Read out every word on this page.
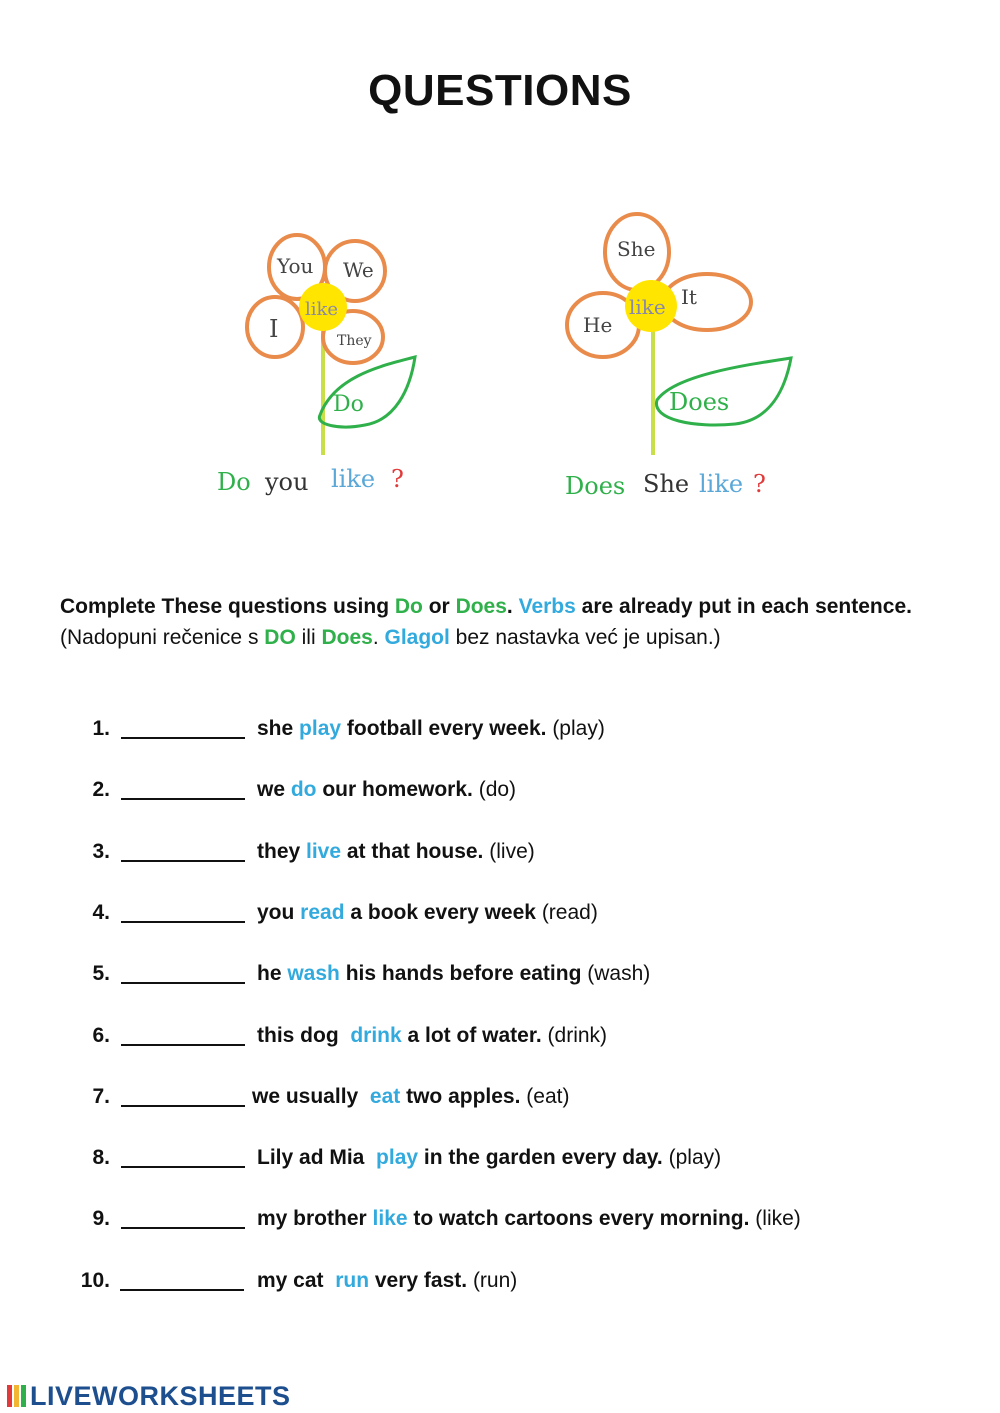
QUESTIONS
You We
I	They
like
Do
Do you like ?
She
He
It
like
Does
Does She like ?
Complete These questions using Do or Does. Verbs are already put in each sentence. (Nadopuni rečenice s DO ili Does. Glagol bez nastavka već je upisan.)
1.	she play football every week. (play)
2.	we do our homework. (do)
3.	they live at that house. (live)
4.	you read a book every week (read)
5.	he wash his hands before eating (wash)
6.	this dog  drink a lot of water. (drink)
7.	we usually  eat two apples. (eat)
8.	Lily ad Mia  play in the garden every day. (play)
9.	my brother like to watch cartoons every morning. (like)
10.	my cat  run very fast. (run)
LIVEWORKSHEETS
